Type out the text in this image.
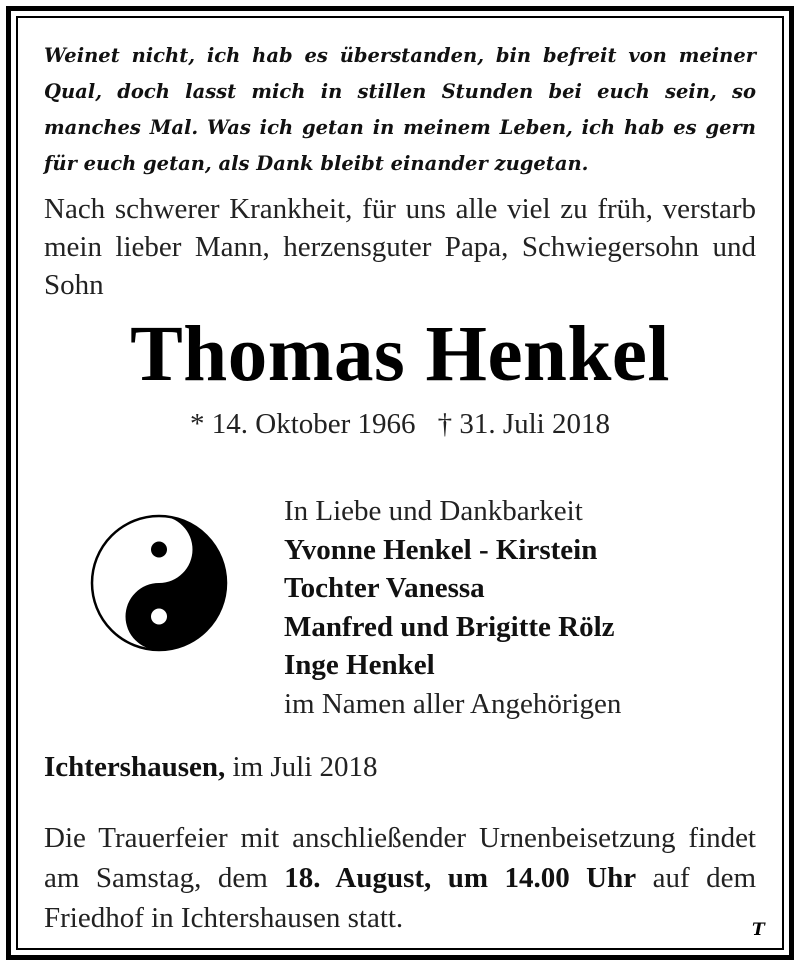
Weinet nicht, ich hab es überstanden, bin befreit von meiner Qual, doch lasst mich in stillen Stunden bei euch sein, so manches Mal. Was ich getan in meinem Leben, ich hab es gern für euch getan, als Dank bleibt einander zugetan.

Nach schwerer Krankheit, für uns alle viel zu früh, verstarb mein lieber Mann, herzensguter Papa, Schwiegersohn und Sohn

Thomas Henkel
* 14. Oktober 1966 † 31. Juli 2018
In Liebe und Dankbarkeit
Yvonne Henkel - Kirstein
Tochter Vanessa
Manfred und Brigitte Rölz
Inge Henkel
im Namen aller Angehörigen
Ichtershausen, im Juli 2018

Die Trauerfeier mit anschließender Urnenbeisetzung findet am Samstag, dem 18. August, um 14.00 Uhr auf dem Friedhof in Ichtershausen statt.	T
